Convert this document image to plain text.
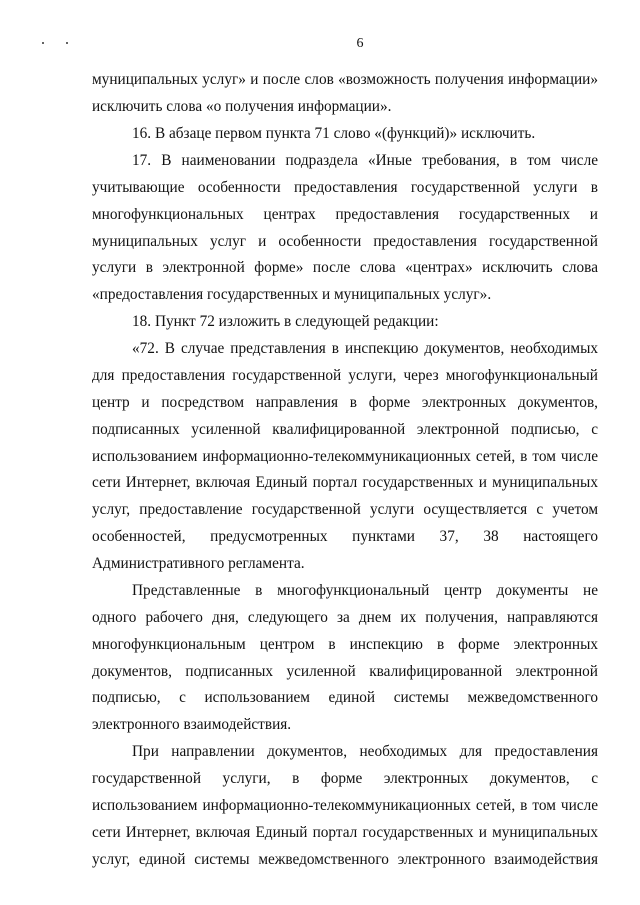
6
муниципальных услуг» и после слов «возможность получения информации»
исключить слова «о получения информации».
16. В абзаце первом пункта 71 слово «(функций)» исключить.
17. В наименовании подраздела «Иные требования, в том числе
учитывающие особенности предоставления государственной услуги в
многофункциональных центрах предоставления государственных и
муниципальных услуг и особенности предоставления государственной
услуги в электронной форме» после слова «центрах» исключить слова
«предоставления государственных и муниципальных услуг».
18. Пункт 72 изложить в следующей редакции:
«72. В случае представления в инспекцию документов, необходимых
для предоставления государственной услуги, через многофункциональный
центр и посредством направления в форме электронных документов,
подписанных усиленной квалифицированной электронной подписью, с
использованием информационно-телекоммуникационных сетей, в том числе
сети Интернет, включая Единый портал государственных и муниципальных
услуг, предоставление государственной услуги осуществляется с учетом
особенностей, предусмотренных пунктами 37, 38 настоящего
Административного регламента.
Представленные в многофункциональный центр документы не
одного рабочего дня, следующего за днем их получения, направляются
многофункциональным центром в инспекцию в форме электронных
документов, подписанных усиленной квалифицированной электронной
подписью, с использованием единой системы межведомственного
электронного взаимодействия.
При направлении документов, необходимых для предоставления
государственной услуги, в форме электронных документов, с
использованием информационно-телекоммуникационных сетей, в том числе
сети Интернет, включая Единый портал государственных и муниципальных
услуг, единой системы межведомственного электронного взаимодействия
